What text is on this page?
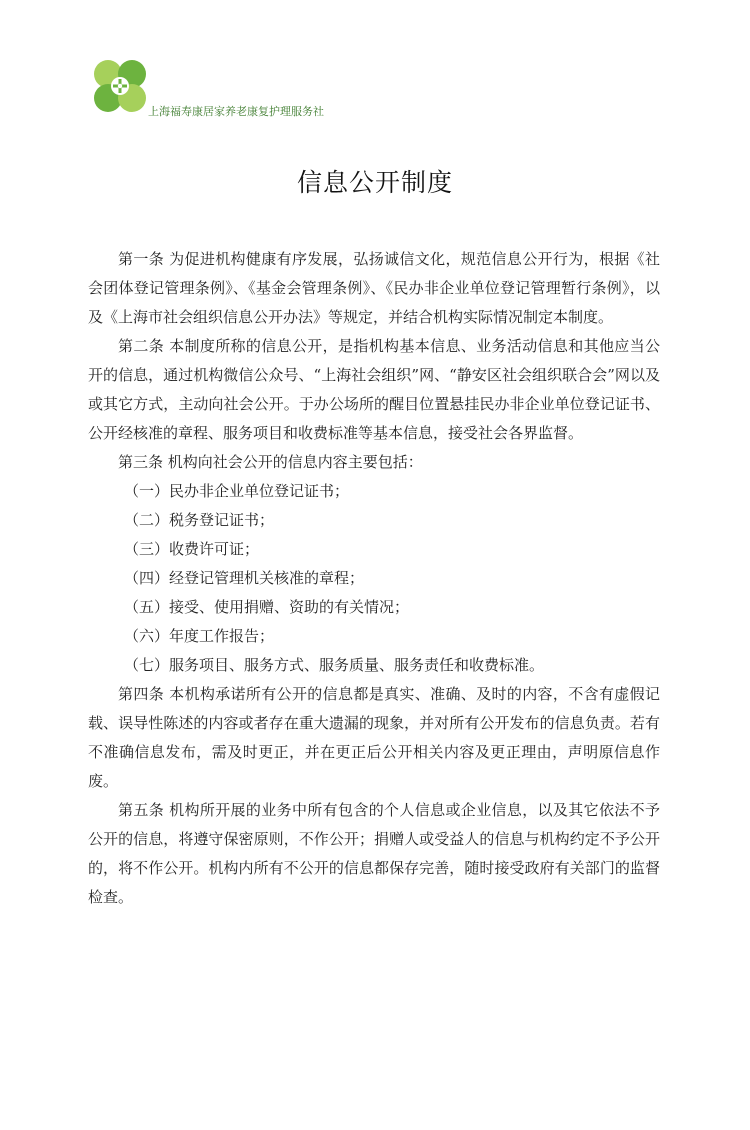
上海福寿康居家养老康复护理服务社
信息公开制度

第一条 为促进机构健康有序发展，弘扬诚信文化，规范信息公开行为，根据《社会团体登记管理条例》、《基金会管理条例》、《民办非企业单位登记管理暂行条例》，以及《上海市社会组织信息公开办法》等规定，并结合机构实际情况制定本制度。

第二条 本制度所称的信息公开，是指机构基本信息、业务活动信息和其他应当公开的信息，通过机构微信公众号、“上海社会组织”网、“静安区社会组织联合会”网以及或其它方式，主动向社会公开。于办公场所的醒目位置悬挂民办非企业单位登记证书、公开经核准的章程、服务项目和收费标准等基本信息，接受社会各界监督。

第三条 机构向社会公开的信息内容主要包括：

（一）民办非企业单位登记证书；

（二）税务登记证书；

（三）收费许可证；

（四）经登记管理机关核准的章程；

（五）接受、使用捐赠、资助的有关情况；

（六）年度工作报告；

（七）服务项目、服务方式、服务质量、服务责任和收费标准。

第四条 本机构承诺所有公开的信息都是真实、准确、及时的内容，不含有虚假记载、误导性陈述的内容或者存在重大遗漏的现象，并对所有公开发布的信息负责。若有不准确信息发布，需及时更正，并在更正后公开相关内容及更正理由，声明原信息作废。

第五条 机构所开展的业务中所有包含的个人信息或企业信息，以及其它依法不予公开的信息，将遵守保密原则，不作公开；捐赠人或受益人的信息与机构约定不予公开的，将不作公开。机构内所有不公开的信息都保存完善，随时接受政府有关部门的监督检查。
